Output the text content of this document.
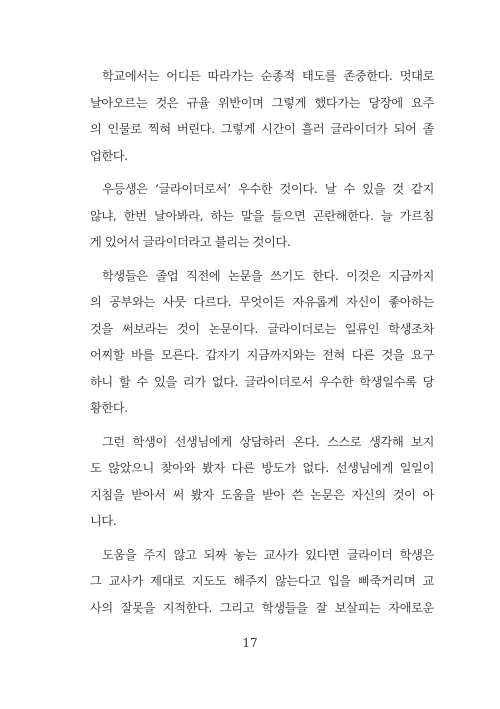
학교에서는 어디든 따라가는 순종적 태도를 존중한다. 멋대로
날아오르는 것은 규율 위반이며 그렇게 했다가는 당장에 요주
의 인물로 찍혀 버린다. 그렇게 시간이 흘러 글라이더가 되어 졸
업한다.

우등생은 ‘글라이더로서’ 우수한 것이다. 날 수 있을 것 같지
않냐, 한번 날아봐라, 하는 말을 들으면 곤란해한다. 늘 가르침
게 있어서 글라이더라고 불리는 것이다.

학생들은 졸업 직전에 논문을 쓰기도 한다. 이것은 지금까지
의 공부와는 사뭇 다르다. 무엇이든 자유롭게 자신이 좋아하는
것을 써보라는 것이 논문이다. 글라이더로는 일류인 학생조차
어찌할 바를 모른다. 갑자기 지금까지와는 전혀 다른 것을 요구
하니 할 수 있을 리가 없다. 글라이더로서 우수한 학생일수록 당
황한다.

그런 학생이 선생님에게 상담하러 온다. 스스로 생각해 보지
도 않았으니 찾아와 봤자 다른 방도가 없다. 선생님에게 일일이
지침을 받아서 써 봤자 도움을 받아 쓴 논문은 자신의 것이 아
니다.

도움을 주지 않고 되짜 놓는 교사가 있다면 글라이더 학생은
그 교사가 제대로 지도도 해주지 않는다고 입을 삐죽거리며 교
사의 잘못을 지적한다. 그리고 학생들을 잘 보살피는 자애로운

17
